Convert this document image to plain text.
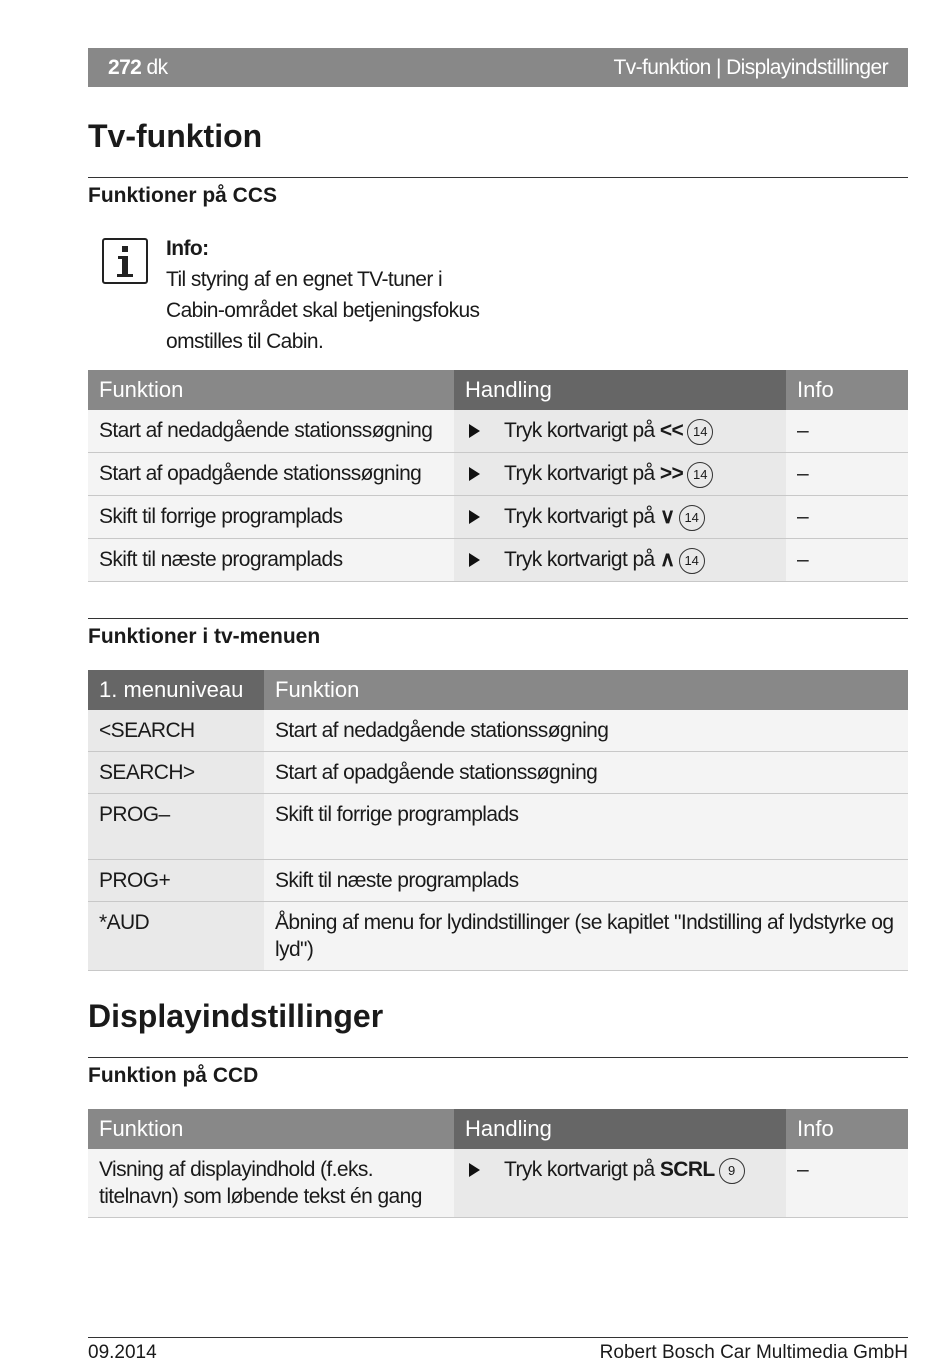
272 dk	Tv-funktion | Displayindstillinger
Tv-funktion
Funktioner på CCS
Info:
Til styring af en egnet TV-tuner i
Cabin-området skal betjeningsfokus
omstilles til Cabin.
Funktion	Handling	Info
Start af nedadgående stationssøgning	Tryk kortvarigt på << 14	–
Start af opadgående stationssøgning	Tryk kortvarigt på >> 14	–
Skift til forrige programplads	Tryk kortvarigt på ∨ 14	–
Skift til næste programplads	Tryk kortvarigt på ∧ 14	–
Funktioner i tv-menuen
1. menuniveau	Funktion
<SEARCH	Start af nedadgående stationssøgning
SEARCH>	Start af opadgående stationssøgning
PROG–	Skift til forrige programplads
PROG+	Skift til næste programplads
*AUD	Åbning af menu for lydindstillinger (se kapitlet "Indstilling af lydstyrke og lyd")
Displayindstillinger
Funktion på CCD
Funktion	Handling	Info
Visning af displayindhold (f.eks. titelnavn) som løbende tekst én gang	Tryk kortvarigt på SCRL 9	–
09.2014	Robert Bosch Car Multimedia GmbH
